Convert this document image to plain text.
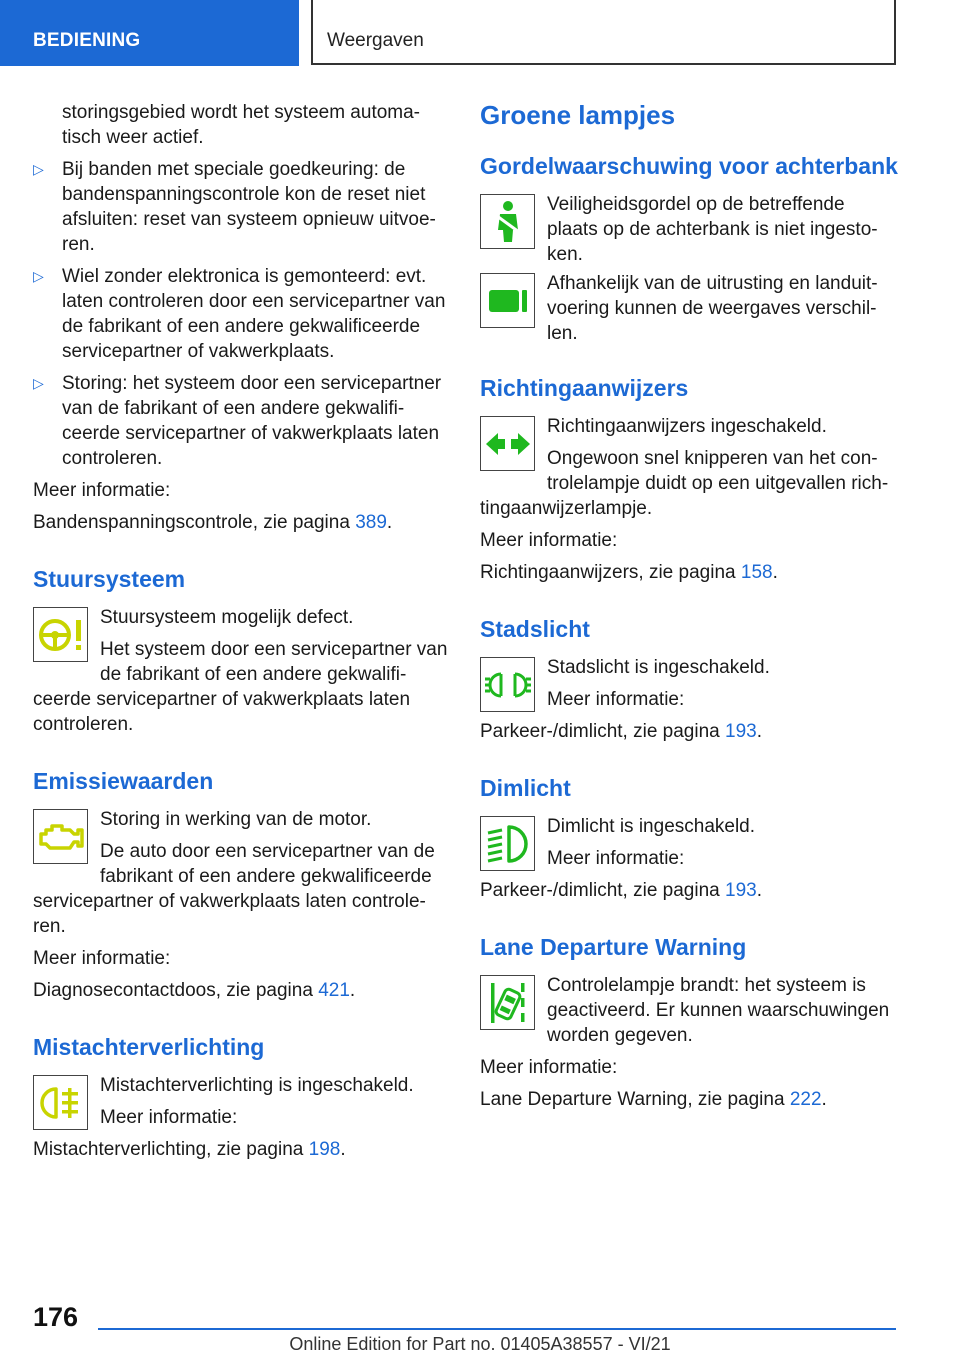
BEDIENING	Weergaven

storingsgebied wordt het systeem automa-tisch weer actief.

▷ Bij banden met speciale goedkeuring: de bandenspanningscontrole kon de reset niet afsluiten: reset van systeem opnieuw uitvoe-ren.

▷ Wiel zonder elektronica is gemonteerd: evt. laten controleren door een servicepartner van de fabrikant of een andere gekwalificeerde servicepartner of vakwerkplaats.

▷ Storing: het systeem door een servicepartner van de fabrikant of een andere gekwalifi-ceerde servicepartner of vakwerkplaats laten controleren.

Meer informatie:

Bandenspanningscontrole, zie pagina 389.

Stuursysteem

Stuursysteem mogelijk defect.

Het systeem door een servicepartner van de fabrikant of een andere gekwalifi-ceerde servicepartner of vakwerkplaats laten controleren.

Emissiewaarden

Storing in werking van de motor.

De auto door een servicepartner van de fabrikant of een andere gekwalificeerde servicepartner of vakwerkplaats laten controle-ren.

Meer informatie:

Diagnosecontactdoos, zie pagina 421.

Mistachterverlichting

Mistachterverlichting is ingeschakeld.

Meer informatie:

Mistachterverlichting, zie pagina 198.

Groene lampjes
Gordelwaarschuwing voor achterbank

Veiligheidsgordel op de betreffende plaats op de achterbank is niet ingesto-ken.

Afhankelijk van de uitrusting en landuit-voering kunnen de weergaves verschil-len.

Richtingaanwijzers

Richtingaanwijzers ingeschakeld.

Ongewoon snel knipperen van het con-trolelampje duidt op een uitgevallen rich-tingaanwijzerlampje.

Meer informatie:

Richtingaanwijzers, zie pagina 158.

Stadslicht

Stadslicht is ingeschakeld.

Meer informatie:

Parkeer-/dimlicht, zie pagina 193.

Dimlicht

Dimlicht is ingeschakeld.

Meer informatie:

Parkeer-/dimlicht, zie pagina 193.

Lane Departure Warning

Controlelampje brandt: het systeem is geactiveerd. Er kunnen waarschuwingen worden gegeven.

Meer informatie:

Lane Departure Warning, zie pagina 222.

176
Online Edition for Part no. 01405A38557 - VI/21
